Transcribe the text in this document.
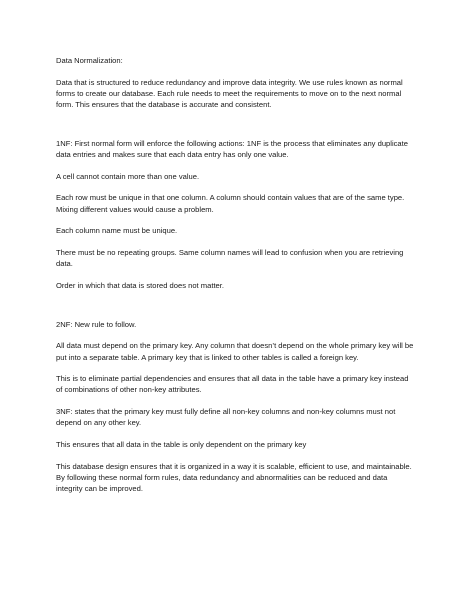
Data Normalization:

Data that is structured to reduce redundancy and improve data integrity. We use rules known as normal forms to create our database. Each rule needs to meet the requirements to move on to the next normal form. This ensures that the database is accurate and consistent.

1NF: First normal form will enforce the following actions: 1NF is the process that eliminates any duplicate data entries and makes sure that each data entry has only one value.

A cell cannot contain more than one value.

Each row must be unique in that one column. A column should contain values that are of the same type. Mixing different values would cause a problem.

Each column name must be unique.

There must be no repeating groups. Same column names will lead to confusion when you are retrieving data.

Order in which that data is stored does not matter.

2NF: New rule to follow.

All data must depend on the primary key. Any column that doesn’t depend on the whole primary key will be put into a separate table. A primary key that is linked to other tables is called a foreign key.

This is to eliminate partial dependencies and ensures that all data in the table have a primary key instead of combinations of other non-key attributes.

3NF: states that the primary key must fully define all non-key columns and non-key columns must not depend on any other key.

This ensures that all data in the table is only dependent on the primary key

This database design ensures that it is organized in a way it is scalable, efficient to use, and maintainable. By following these normal form rules, data redundancy and abnormalities can be reduced and data integrity can be improved.
